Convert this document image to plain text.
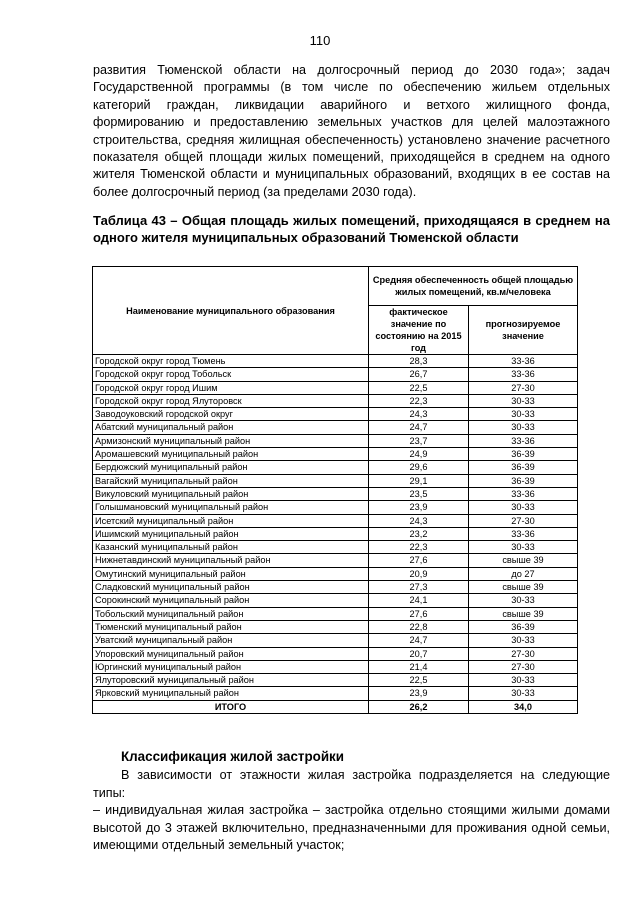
110

развития Тюменской области на долгосрочный период до 2030 года»; задач Государственной программы (в том числе по обеспечению жильем отдельных категорий граждан, ликвидации аварийного и ветхого жилищного фонда, формированию и предоставлению земельных участков для целей малоэтажного строительства, средняя жилищная обеспеченность) установлено значение расчетного показателя общей площади жилых помещений, приходящейся в среднем на одного жителя Тюменской области и муниципальных образований, входящих в ее состав на более долгосрочный период (за пределами 2030 года).

Таблица 43 – Общая площадь жилых помещений, приходящаяся в среднем на одного жителя муниципальных образований Тюменской области

Наименование муниципального образования	Средняя обеспеченность общей площадью жилых помещений, кв.м/человека	
	фактическое значение по состоянию на 2015 год	прогнозируемое значение
Городской округ город Тюмень	28,3	33-36
Городской округ город Тобольск	26,7	33-36
Городской округ город Ишим	22,5	27-30
Городской округ город Ялуторовск	22,3	30-33
Заводоуковский городской округ	24,3	30-33
Абатский муниципальный район	24,7	30-33
Армизонский муниципальный район	23,7	33-36
Аромашевский муниципальный район	24,9	36-39
Бердюжский муниципальный район	29,6	36-39
Вагайский муниципальный район	29,1	36-39
Викуловский муниципальный район	23,5	33-36
Голышмановский муниципальный район	23,9	30-33
Исетский муниципальный район	24,3	27-30
Ишимский муниципальный район	23,2	33-36
Казанский муниципальный район	22,3	30-33
Нижнетавдинский муниципальный район	27,6	свыше 39
Омутинский муниципальный район	20,9	до 27
Сладковский муниципальный район	27,3	свыше 39
Сорокинский муниципальный район	24,1	30-33
Тобольский муниципальный район	27,6	свыше 39
Тюменский муниципальный район	22,8	36-39
Уватский муниципальный район	24,7	30-33
Упоровский муниципальный район	20,7	27-30
Юргинский муниципальный район	21,4	27-30
Ялуторовский муниципальный район	22,5	30-33
Ярковский муниципальный район	23,9	30-33
ИТОГО	26,2	34,0

Классификация жилой застройки

В зависимости от этажности жилая застройка подразделяется на следующие типы:

– индивидуальная жилая застройка – застройка отдельно стоящими жилыми домами высотой до 3 этажей включительно, предназначенными для проживания одной семьи, имеющими отдельный земельный участок;
